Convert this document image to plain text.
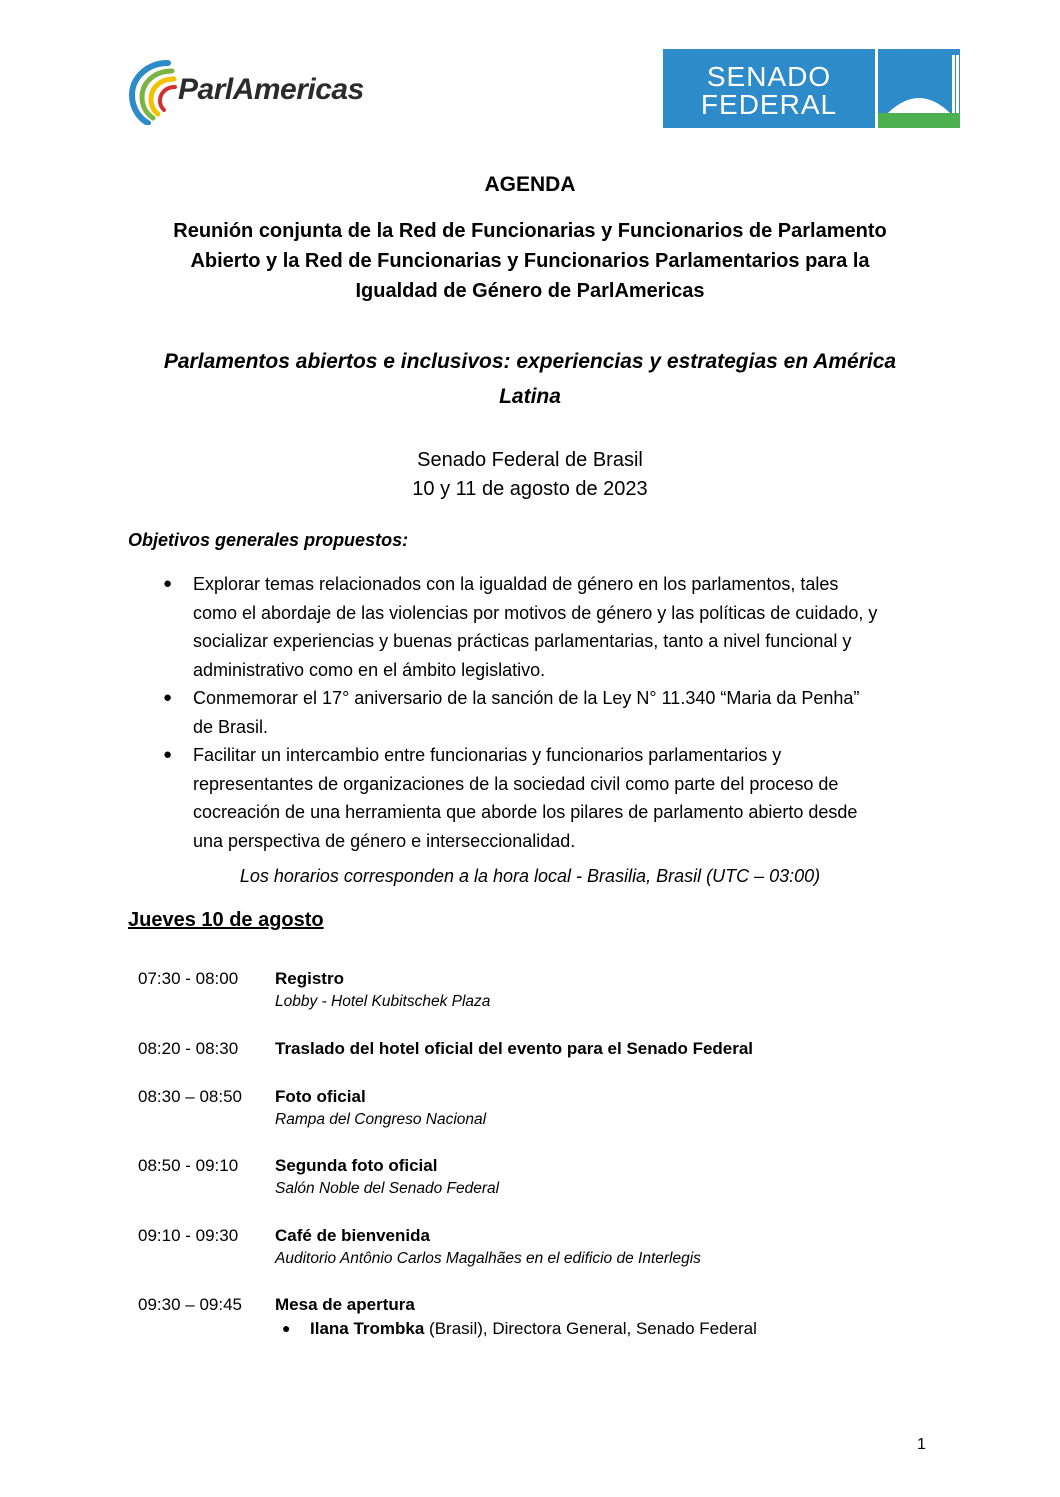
ParlAmericas	SENADO
FEDERAL
AGENDA
Reunión conjunta de la Red de Funcionarias y Funcionarios de Parlamento
Abierto y la Red de Funcionarias y Funcionarios Parlamentarios para la
Igualdad de Género de ParlAmericas
Parlamentos abiertos e inclusivos: experiencias y estrategias en América
Latina
Senado Federal de Brasil
10 y 11 de agosto de 2023
Objetivos generales propuestos:
● Explorar temas relacionados con la igualdad de género en los parlamentos, tales
como el abordaje de las violencias por motivos de género y las políticas de cuidado, y
socializar experiencias y buenas prácticas parlamentarias, tanto a nivel funcional y
administrativo como en el ámbito legislativo.
● Conmemorar el 17° aniversario de la sanción de la Ley N° 11.340 “Maria da Penha”
de Brasil.
● Facilitar un intercambio entre funcionarias y funcionarios parlamentarios y
representantes de organizaciones de la sociedad civil como parte del proceso de
cocreación de una herramienta que aborde los pilares de parlamento abierto desde
una perspectiva de género e interseccionalidad.
Los horarios corresponden a la hora local - Brasilia, Brasil (UTC – 03:00)
Jueves 10 de agosto
07:30 - 08:00 Registro
Lobby - Hotel Kubitschek Plaza
08:20 - 08:30 Traslado del hotel oficial del evento para el Senado Federal
08:30 – 08:50 Foto oficial
Rampa del Congreso Nacional
08:50 - 09:10 Segunda foto oficial
Salón Noble del Senado Federal
09:10 - 09:30 Café de bienvenida
Auditorio Antônio Carlos Magalhães en el edificio de Interlegis
09:30 – 09:45 Mesa de apertura
● Ilana Trombka (Brasil), Directora General, Senado Federal
1
